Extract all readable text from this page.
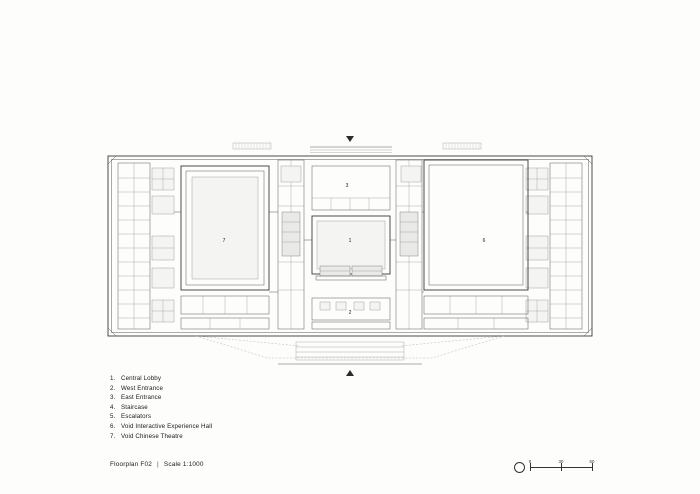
7	6
1
3
2
1. Central Lobby
2. West Entrance
3. East Entrance
4. Staircase
5. Escalators
6. Void Interactive Experience Hall
7. Void Chinese Theatre
Floorplan F02 | Scale 1:1000	0	30	60
